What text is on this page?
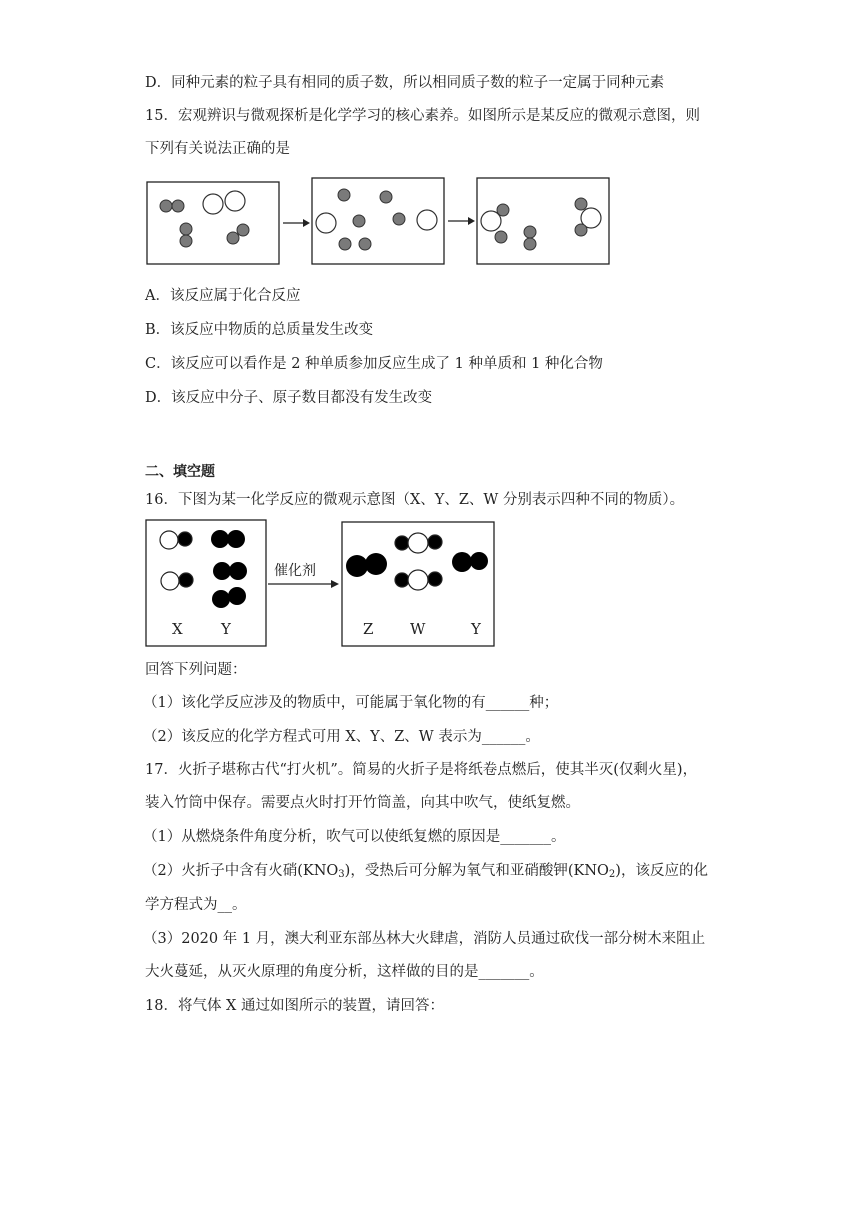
D．同种元素的粒子具有相同的质子数，所以相同质子数的粒子一定属于同种元素
15．宏观辨识与微观探析是化学学习的核心素养。如图所示是某反应的微观示意图，则
下列有关说法正确的是
A．该反应属于化合反应
B．该反应中物质的总质量发生改变
C．该反应可以看作是 2 种单质参加反应生成了 1 种单质和 1 种化合物
D．该反应中分子、原子数目都没有发生改变
二、填空题
16．下图为某一化学反应的微观示意图（X、Y、Z、W 分别表示四种不同的物质）。
催化剂
X	Y	Z W	Y
回答下列问题：
（1）该化学反应涉及的物质中，可能属于氧化物的有______种；
（2）该反应的化学方程式可用 X、Y、Z、W 表示为______。
17．火折子堪称古代“打火机”。简易的火折子是将纸卷点燃后，使其半灭(仅剩火星)，
装入竹筒中保存。需要点火时打开竹筒盖，向其中吹气，使纸复燃。
（1）从燃烧条件角度分析，吹气可以使纸复燃的原因是_______。
（2）火折子中含有火硝$(KNO_3)$，受热后可分解为氧气和亚硝酸钾$(KNO_2)$，该反应的化
学方程式为__。
（3）2020 年 1 月，澳大利亚东部丛林大火肆虐，消防人员通过砍伐一部分树木来阻止
大火蔓延，从灭火原理的角度分析，这样做的目的是_______。
18．将气体 X 通过如图所示的装置，请回答：
